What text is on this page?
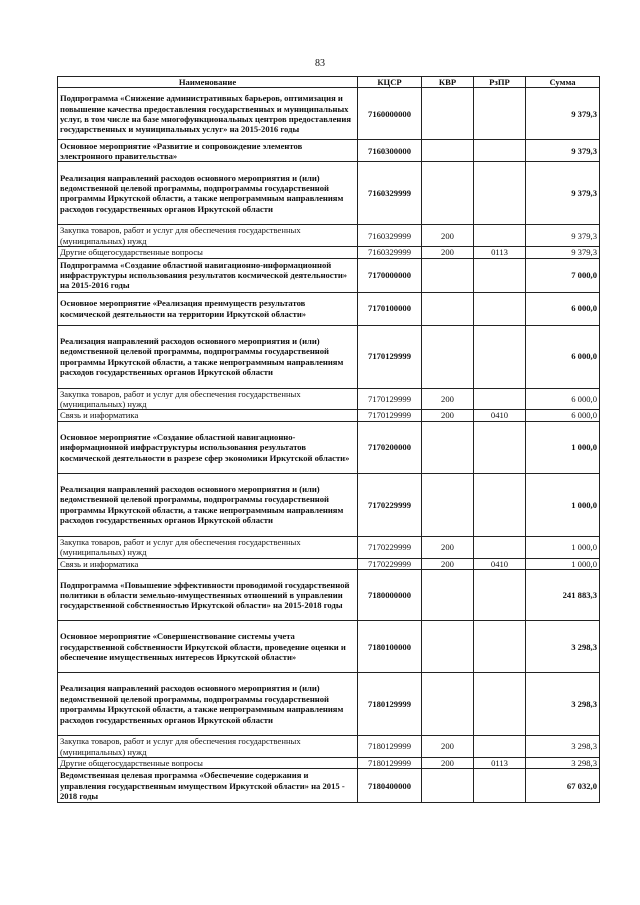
83
Наименование	КЦСР	КВР	РзПР	Сумма
Подпрограмма «Снижение административных барьеров, оптимизация и повышение качества предоставления государственных и муниципальных услуг, в том числе на базе многофункциональных центров предоставления государственных и муниципальных услуг» на 2015-2016 годы	7160000000			9 379,3
Основное мероприятие «Развитие и сопровождение элементов электронного правительства»	7160300000			9 379,3
Реализация направлений расходов основного мероприятия и (или) ведомственной целевой программы, подпрограммы государственной программы Иркутской области, а также непрограммным направлениям расходов государственных органов Иркутской области	7160329999			9 379,3
Закупка товаров, работ и услуг для обеспечения государственных (муниципальных) нужд	7160329999	200		9 379,3
Другие общегосударственные вопросы	7160329999	200	0113	9 379,3
Подпрограмма «Создание областной навигационно-информационной инфраструктуры использования результатов космической деятельности» на 2015-2016 годы	7170000000			7 000,0
Основное мероприятие «Реализация преимуществ результатов космической деятельности на территории Иркутской области»	7170100000			6 000,0
Реализация направлений расходов основного мероприятия и (или) ведомственной целевой программы, подпрограммы государственной программы Иркутской области, а также непрограммным направлениям расходов государственных органов Иркутской области	7170129999			6 000,0
Закупка товаров, работ и услуг для обеспечения государственных (муниципальных) нужд	7170129999	200		6 000,0
Связь и информатика	7170129999	200	0410	6 000,0
Основное мероприятие «Создание областной навигационно-информационной инфраструктуры использования результатов космической деятельности в разрезе сфер экономики Иркутской области»	7170200000			1 000,0
Реализация направлений расходов основного мероприятия и (или) ведомственной целевой программы, подпрограммы государственной программы Иркутской области, а также непрограммным направлениям расходов государственных органов Иркутской области	7170229999			1 000,0
Закупка товаров, работ и услуг для обеспечения государственных (муниципальных) нужд	7170229999	200		1 000,0
Связь и информатика	7170229999	200	0410	1 000,0
Подпрограмма «Повышение эффективности проводимой государственной политики в области земельно-имущественных отношений в управлении государственной собственностью Иркутской области» на 2015-2018 годы	7180000000			241 883,3
Основное мероприятие «Совершенствование системы учета государственной собственности Иркутской области, проведение оценки и обеспечение имущественных интересов Иркутской области»	7180100000			3 298,3
Реализация направлений расходов основного мероприятия и (или) ведомственной целевой программы, подпрограммы государственной программы Иркутской области, а также непрограммным направлениям расходов государственных органов Иркутской области	7180129999			3 298,3
Закупка товаров, работ и услуг для обеспечения государственных (муниципальных) нужд	7180129999	200		3 298,3
Другие общегосударственные вопросы	7180129999	200	0113	3 298,3
Ведомственная целевая программа «Обеспечение содержания и управления государственным имуществом Иркутской области» на 2015 - 2018 годы	7180400000			67 032,0
